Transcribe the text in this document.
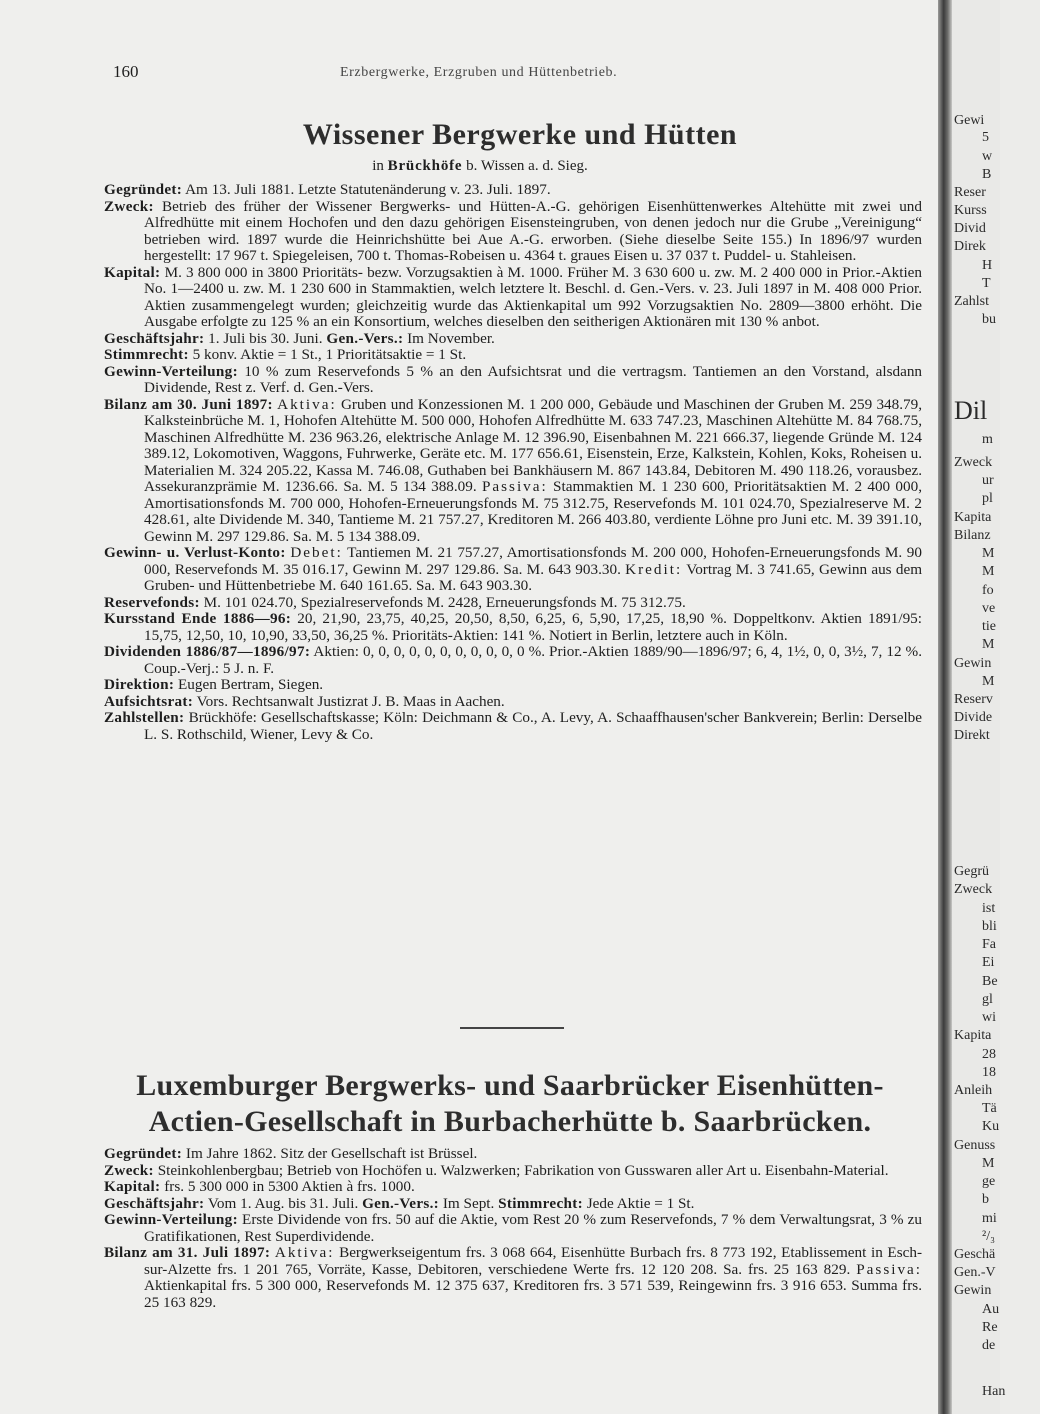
160	Erzbergwerke, Erzgruben und Hüttenbetrieb.
Wissener Bergwerke und Hütten
in Brückhöfe b. Wissen a. d. Sieg.

Gegründet: Am 13. Juli 1881. Letzte Statutenänderung v. 23. Juli. 1897.

Zweck: Betrieb des früher der Wissener Bergwerks- und Hütten-A.-G. gehörigen Eisenhüttenwerkes Altehütte mit zwei und Alfredhütte mit einem Hochofen und den dazu gehörigen Eisensteingruben, von denen jedoch nur die Grube „Vereinigung“ betrieben wird. 1897 wurde die Heinrichshütte bei Aue A.-G. erworben. (Siehe dieselbe Seite 155.) In 1896/97 wurden hergestellt: 17 967 t. Spiegeleisen, 700 t. Thomas-Robeisen u. 4364 t. graues Eisen u. 37 037 t. Puddel- u. Stahleisen.

Kapital: M. 3 800 000 in 3800 Prioritäts- bezw. Vorzugsaktien à M. 1000. Früher M. 3 630 600 u. zw. M. 2 400 000 in Prior.-Aktien No. 1—2400 u. zw. M. 1 230 600 in Stammaktien, welch letztere lt. Beschl. d. Gen.-Vers. v. 23. Juli 1897 in M. 408 000 Prior. Aktien zusammengelegt wurden; gleichzeitig wurde das Aktienkapital um 992 Vorzugsaktien No. 2809—3800 erhöht. Die Ausgabe erfolgte zu 125 % an ein Konsortium, welches dieselben den seitherigen Aktionären mit 130 % anbot.

Geschäftsjahr: 1. Juli bis 30. Juni. Gen.-Vers.: Im November.

Stimmrecht: 5 konv. Aktie = 1 St., 1 Prioritätsaktie = 1 St.

Gewinn-Verteilung: 10 % zum Reservefonds 5 % an den Aufsichtsrat und die vertragsm. Tantiemen an den Vorstand, alsdann Dividende, Rest z. Verf. d. Gen.-Vers.

Bilanz am 30. Juni 1897: Aktiva: Gruben und Konzessionen M. 1 200 000, Gebäude und Maschinen der Gruben M. 259 348.79, Kalksteinbrüche M. 1, Hohofen Altehütte M. 500 000, Hohofen Alfredhütte M. 633 747.23, Maschinen Altehütte M. 84 768.75, Maschinen Alfredhütte M. 236 963.26, elektrische Anlage M. 12 396.90, Eisenbahnen M. 221 666.37, liegende Gründe M. 124 389.12, Lokomotiven, Waggons, Fuhrwerke, Geräte etc. M. 177 656.61, Eisenstein, Erze, Kalkstein, Kohlen, Koks, Roheisen u. Materialien M. 324 205.22, Kassa M. 746.08, Guthaben bei Bankhäusern M. 867 143.84, Debitoren M. 490 118.26, vorausbez. Assekuranzprämie M. 1236.66. Sa. M. 5 134 388.09. Passiva: Stammaktien M. 1 230 600, Prioritätsaktien M. 2 400 000, Amortisationsfonds M. 700 000, Hohofen-Erneuerungsfonds M. 75 312.75, Reservefonds M. 101 024.70, Spezialreserve M. 2 428.61, alte Dividende M. 340, Tantieme M. 21 757.27, Kreditoren M. 266 403.80, verdiente Löhne pro Juni etc. M. 39 391.10, Gewinn M. 297 129.86. Sa. M. 5 134 388.09.

Gewinn- u. Verlust-Konto: Debet: Tantiemen M. 21 757.27, Amortisationsfonds M. 200 000, Hohofen-Erneuerungsfonds M. 90 000, Reservefonds M. 35 016.17, Gewinn M. 297 129.86. Sa. M. 643 903.30. Kredit: Vortrag M. 3 741.65, Gewinn aus dem Gruben- und Hüttenbetriebe M. 640 161.65. Sa. M. 643 903.30.

Reservefonds: M. 101 024.70, Spezialreservefonds M. 2428, Erneuerungsfonds M. 75 312.75.

Kursstand Ende 1886—96: 20, 21,90, 23,75, 40,25, 20,50, 8,50, 6,25, 6, 5,90, 17,25, 18,90 %. Doppeltkonv. Aktien 1891/95: 15,75, 12,50, 10, 10,90, 33,50, 36,25 %. Prioritäts-Aktien: 141 %. Notiert in Berlin, letztere auch in Köln.

Dividenden 1886/87—1896/97: Aktien: 0, 0, 0, 0, 0, 0, 0, 0, 0, 0, 0 %. Prior.-Aktien 1889/90—1896/97; 6, 4, 1½, 0, 0, 3½, 7, 12 %. Coup.-Verj.: 5 J. n. F.

Direktion: Eugen Bertram, Siegen.

Aufsichtsrat: Vors. Rechtsanwalt Justizrat J. B. Maas in Aachen.

Zahlstellen: Brückhöfe: Gesellschaftskasse; Köln: Deichmann & Co., A. Levy, A. Schaaffhausen'scher Bankverein; Berlin: Derselbe L. S. Rothschild, Wiener, Levy & Co.

Luxemburger Bergwerks- und Saarbrücker Eisenhütten-
Actien-Gesellschaft in Burbacherhütte b. Saarbrücken.

Gegründet: Im Jahre 1862. Sitz der Gesellschaft ist Brüssel.

Zweck: Steinkohlenbergbau; Betrieb von Hochöfen u. Walzwerken; Fabrikation von Gusswaren aller Art u. Eisenbahn-Material.

Kapital: frs. 5 300 000 in 5300 Aktien à frs. 1000.

Geschäftsjahr: Vom 1. Aug. bis 31. Juli. Gen.-Vers.: Im Sept. Stimmrecht: Jede Aktie = 1 St.

Gewinn-Verteilung: Erste Dividende von frs. 50 auf die Aktie, vom Rest 20 % zum Reservefonds, 7 % dem Verwaltungsrat, 3 % zu Gratifikationen, Rest Superdividende.

Bilanz am 31. Juli 1897: Aktiva: Bergwerkseigentum frs. 3 068 664, Eisenhütte Burbach frs. 8 773 192, Etablissement in Esch-sur-Alzette frs. 1 201 765, Vorräte, Kasse, Debitoren, verschiedene Werte frs. 12 120 208. Sa. frs. 25 163 829. Passiva: Aktienkapital frs. 5 300 000, Reservefonds M. 12 375 637, Kreditoren frs. 3 571 539, Reingewinn frs. 3 916 653. Summa frs. 25 163 829.

Gewi
5
w
B
Reser
Kurss
Divid
Direk
H
T
Zahlst
bu
Dil
m
Zweck
ur
pl
Kapita
Bilanz
M
M
fo
ve
tie
M
Gewin
M
Reserv
Divide
Direkt
Gegrü
Zweck
ist
bli
Fa
Ei
Be
gl
wi
Kapita
28
18
Anleih
Tä
Ku
Genuss
M
ge
b
mi
²/₃
Geschä
Gen.-V
Gewin
Au
Re
de
Han
